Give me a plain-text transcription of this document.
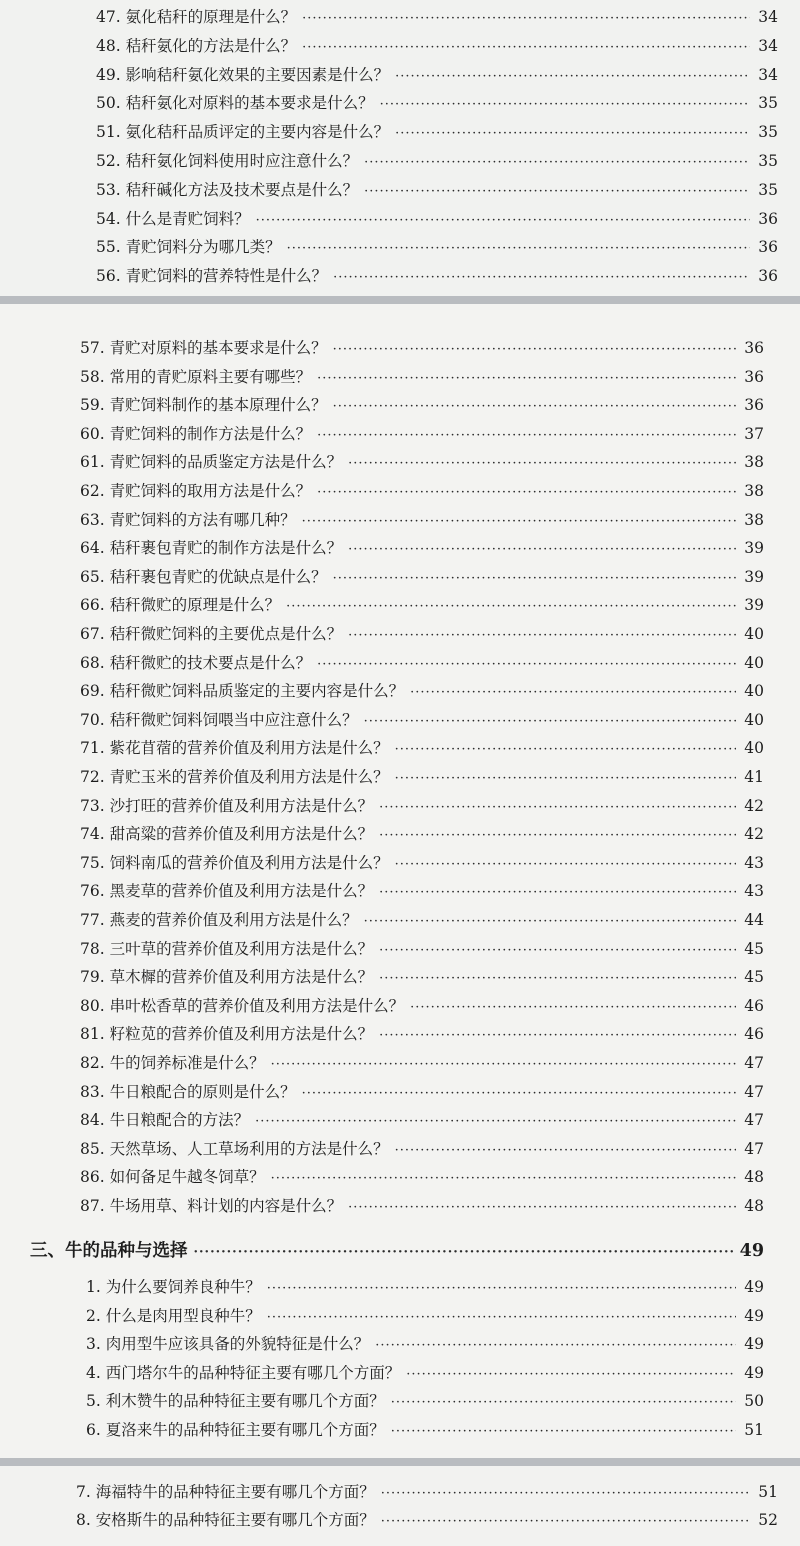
47. 氨化秸秆的原理是什么？ ·····	34
48. 秸秆氨化的方法是什么？ ·····	34
49. 影响秸秆氨化效果的主要因素是什么？ ·····	34
50. 秸秆氨化对原料的基本要求是什么？ ·····	35
51. 氨化秸秆品质评定的主要内容是什么？ ·····	35
52. 秸秆氨化饲料使用时应注意什么？ ·····	35
53. 秸秆碱化方法及技术要点是什么？ ·····	35
54. 什么是青贮饲料？ ·····	36
55. 青贮饲料分为哪几类？ ·····	36
56. 青贮饲料的营养特性是什么？ ·····	36
57. 青贮对原料的基本要求是什么？ ·····	36
58. 常用的青贮原料主要有哪些？ ·····	36
59. 青贮饲料制作的基本原理什么？ ·····	36
60. 青贮饲料的制作方法是什么？ ·····	37
61. 青贮饲料的品质鉴定方法是什么？ ·····	38
62. 青贮饲料的取用方法是什么？ ·····	38
63. 青贮饲料的方法有哪几种？ ·····	38
64. 秸秆裹包青贮的制作方法是什么？ ·····	39
65. 秸秆裹包青贮的优缺点是什么？ ·····	39
66. 秸秆微贮的原理是什么？ ·····	39
67. 秸秆微贮饲料的主要优点是什么？ ·····	40
68. 秸秆微贮的技术要点是什么？ ·····	40
69. 秸秆微贮饲料品质鉴定的主要内容是什么？ ·····	40
70. 秸秆微贮饲料饲喂当中应注意什么？ ·····	40
71. 紫花苜蓿的营养价值及利用方法是什么？ ·····	40
72. 青贮玉米的营养价值及利用方法是什么？ ·····	41
73. 沙打旺的营养价值及利用方法是什么？ ·····	42
74. 甜高粱的营养价值及利用方法是什么？ ·····	42
75. 饲料南瓜的营养价值及利用方法是什么？ ·····	43
76. 黑麦草的营养价值及利用方法是什么？ ·····	43
77. 燕麦的营养价值及利用方法是什么？ ·····	44
78. 三叶草的营养价值及利用方法是什么？ ·····	45
79. 草木樨的营养价值及利用方法是什么？ ·····	45
80. 串叶松香草的营养价值及利用方法是什么？ ·····	46
81. 籽粒苋的营养价值及利用方法是什么？ ·····	46
82. 牛的饲养标准是什么？ ·····	47
83. 牛日粮配合的原则是什么？ ·····	47
84. 牛日粮配合的方法？ ·····	47
85. 天然草场、人工草场利用的方法是什么？ ·····	47
86. 如何备足牛越冬饲草？ ·····	48
87. 牛场用草、料计划的内容是什么？ ·····	48
三、牛的品种与选择 ·····	49
1. 为什么要饲养良种牛？ ·····	49
2. 什么是肉用型良种牛？ ·····	49
3. 肉用型牛应该具备的外貌特征是什么？ ·····	49
4. 西门塔尔牛的品种特征主要有哪几个方面？ ·····	49
5. 利木赞牛的品种特征主要有哪几个方面？ ·····	50
6. 夏洛来牛的品种特征主要有哪几个方面？ ·····	51
7. 海福特牛的品种特征主要有哪几个方面？ ·····	51
8. 安格斯牛的品种特征主要有哪几个方面？ ·····	52
